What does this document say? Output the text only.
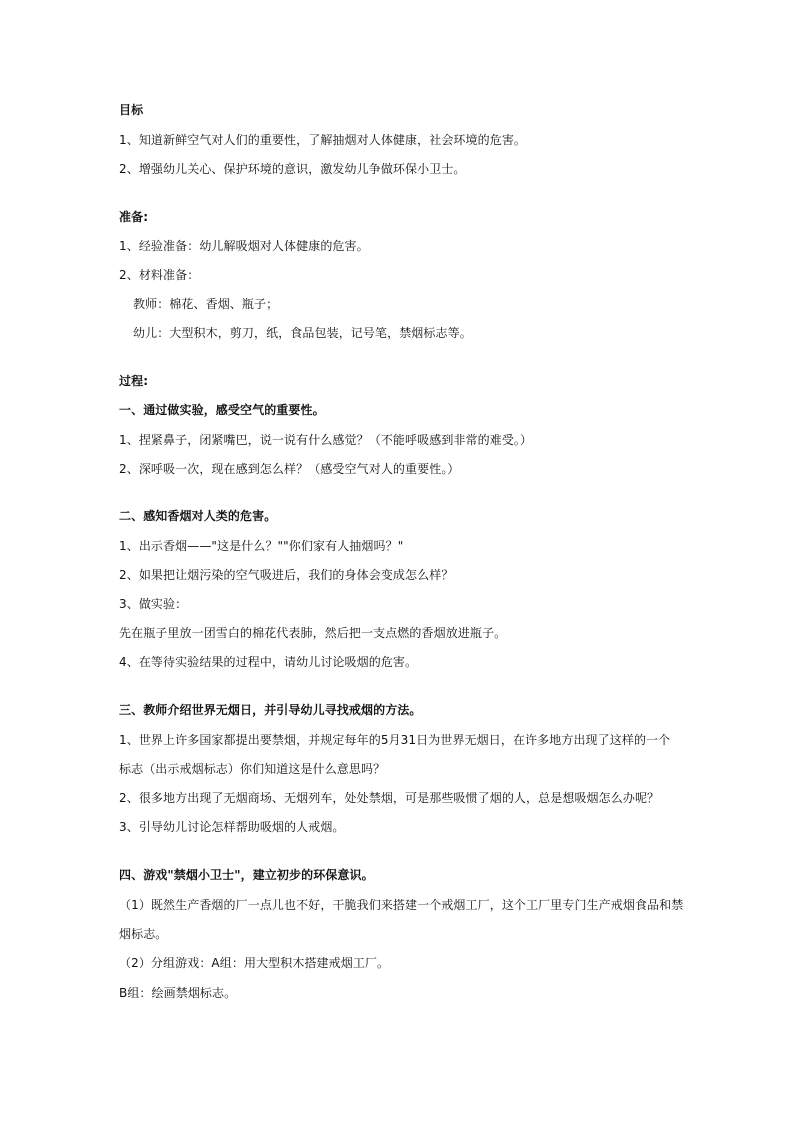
目标
1、知道新鲜空气对人们的重要性，了解抽烟对人体健康，社会环境的危害。
2、增强幼儿关心、保护环境的意识，激发幼儿争做环保小卫士。
准备:
1、经验准备：幼儿解吸烟对人体健康的危害。
2、材料准备：
教师：棉花、香烟、瓶子；
幼儿：大型积木，剪刀，纸，食品包装，记号笔，禁烟标志等。
过程:
一、通过做实验，感受空气的重要性。
1、捏紧鼻子，闭紧嘴巴，说一说有什么感觉？（不能呼吸感到非常的难受。）
2、深呼吸一次，现在感到怎么样？（感受空气对人的重要性。）
二、感知香烟对人类的危害。
1、出示香烟——"这是什么？""你们家有人抽烟吗？"
2、如果把让烟污染的空气吸进后，我们的身体会变成怎么样？
3、做实验：
先在瓶子里放一团雪白的棉花代表肺，然后把一支点燃的香烟放进瓶子。
4、在等待实验结果的过程中，请幼儿讨论吸烟的危害。
三、教师介绍世界无烟日，并引导幼儿寻找戒烟的方法。
1、世界上许多国家都提出要禁烟，并规定每年的5月31日为世界无烟日，在许多地方出现了这样的一个
标志（出示戒烟标志）你们知道这是什么意思吗？
2、很多地方出现了无烟商场、无烟列车，处处禁烟，可是那些吸惯了烟的人，总是想吸烟怎么办呢？
3、引导幼儿讨论怎样帮助吸烟的人戒烟。
四、游戏"禁烟小卫士"，建立初步的环保意识。
（1）既然生产香烟的厂一点儿也不好，干脆我们来搭建一个戒烟工厂，这个工厂里专门生产戒烟食品和禁
烟标志。
（2）分组游戏：A组：用大型积木搭建戒烟工厂。
B组：绘画禁烟标志。
